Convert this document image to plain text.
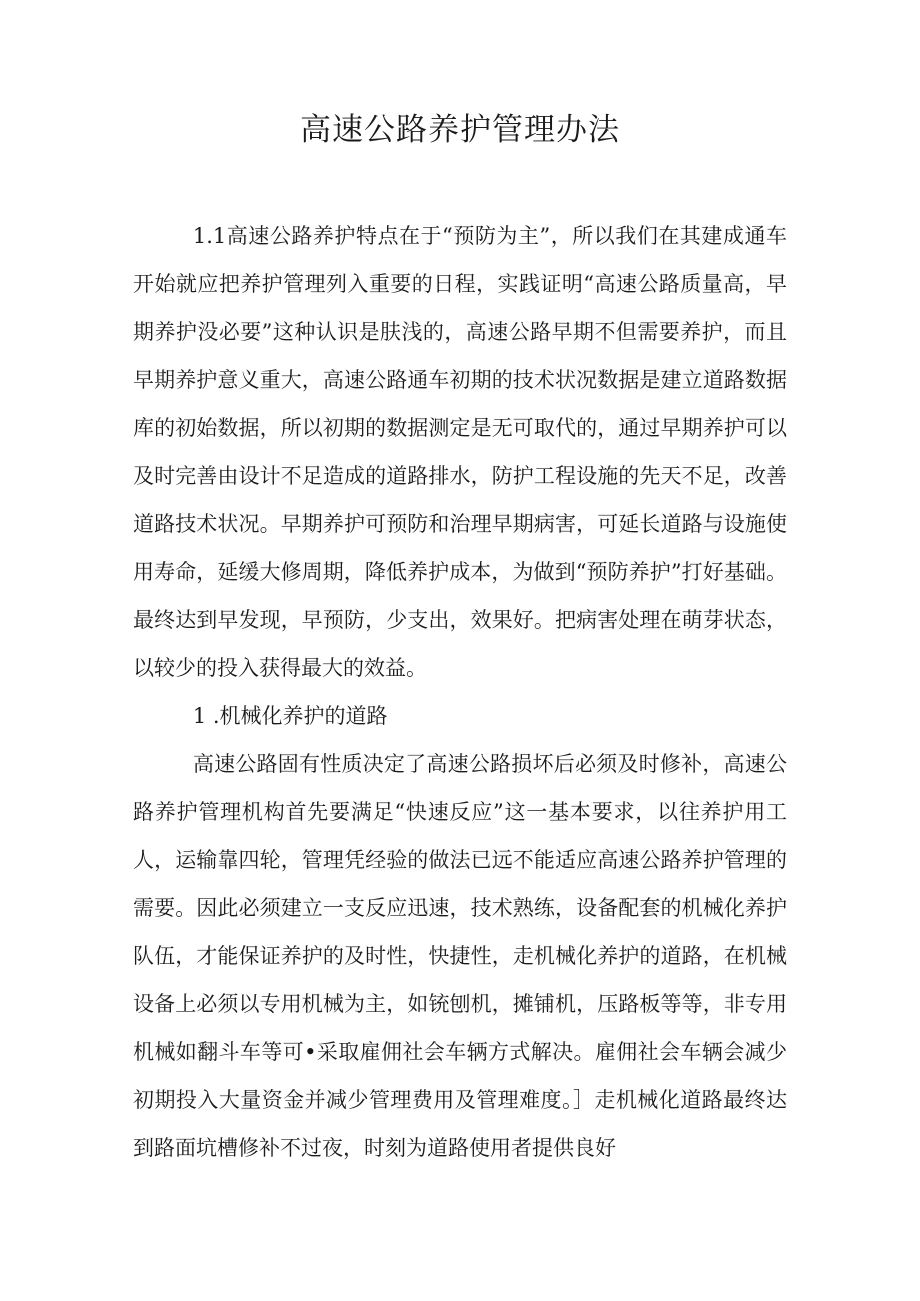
高速公路养护管理办法

1.1高速公路养护特点在于“预防为主”，所以我们在其建成通车开始就应把养护管理列入重要的日程，实践证明“高速公路质量高，早期养护没必要”这种认识是肤浅的，高速公路早期不但需要养护，而且早期养护意义重大，高速公路通车初期的技术状况数据是建立道路数据库的初始数据，所以初期的数据测定是无可取代的，通过早期养护可以及时完善由设计不足造成的道路排水，防护工程设施的先天不足，改善道路技术状况。早期养护可预防和治理早期病害，可延长道路与设施使用寿命，延缓大修周期，降低养护成本，为做到“预防养护”打好基础。最终达到早发现，早预防，少支出，效果好。把病害处理在萌芽状态，以较少的投入获得最大的效益。

1 .机械化养护的道路

高速公路固有性质决定了高速公路损坏后必须及时修补，高速公路养护管理机构首先要满足“快速反应”这一基本要求，以往养护用工人，运输靠四轮，管理凭经验的做法已远不能适应高速公路养护管理的需要。因此必须建立一支反应迅速，技术熟练，设备配套的机械化养护队伍，才能保证养护的及时性，快捷性，走机械化养护的道路，在机械设备上必须以专用机械为主，如铳刨机，摊铺机，压路板等等，非专用机械如翻斗车等可•采取雇佣社会车辆方式解决。雇佣社会车辆会减少初期投入大量资金并减少管理费用及管理难度。］走机械化道路最终达到路面坑槽修补不过夜，时刻为道路使用者提供良好
